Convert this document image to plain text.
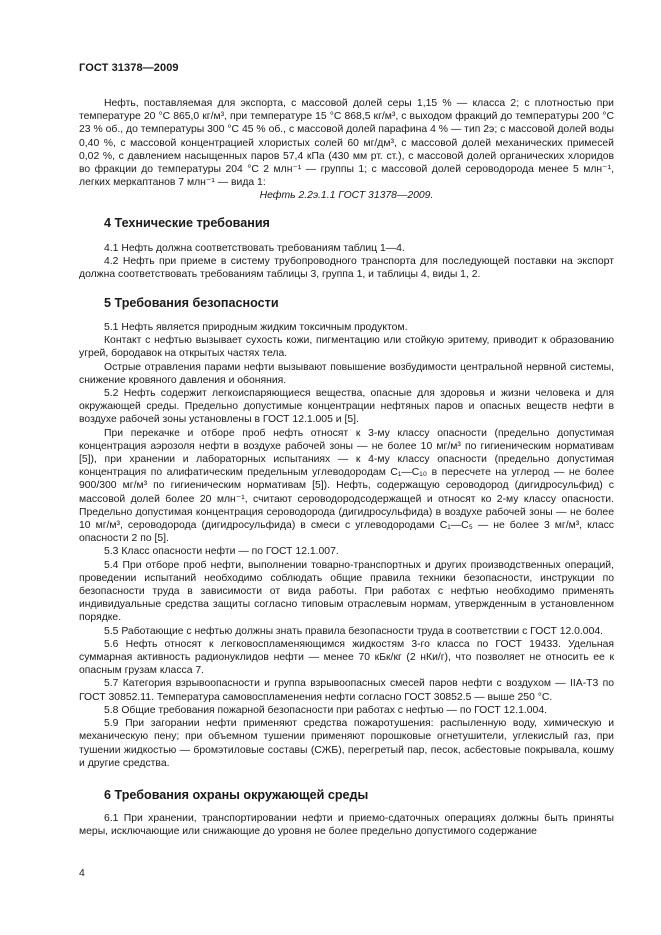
ГОСТ 31378—2009

Нефть, поставляемая для экспорта, с массовой долей серы 1,15 % — класса 2; с плотностью при температуре 20 °С 865,0 кг/м³, при температуре 15 °С 868,5 кг/м³, с выходом фракций до температуры 200 °С 23 % об., до температуры 300 °С 45 % об., с массовой долей парафина 4 % — тип 2э; с массовой долей воды 0,40 %, с массовой концентрацией хлористых солей 60 мг/дм³, с массовой долей механических примесей 0,02 %, с давлением насыщенных паров 57,4 кПа (430 мм рт. ст.), с массовой долей органических хлоридов во фракции до температуры 204 °С 2 млн⁻¹ — группы 1; с массовой долей сероводорода менее 5 млн⁻¹, легких меркаптанов 7 млн⁻¹ — вида 1:

Нефть 2.2э.1.1 ГОСТ 31378—2009.

4 Технические требования

4.1 Нефть должна соответствовать требованиям таблиц 1—4.

4.2 Нефть при приеме в систему трубопроводного транспорта для последующей поставки на экспорт должна соответствовать требованиям таблицы 3, группа 1, и таблицы 4, виды 1, 2.

5 Требования безопасности

5.1 Нефть является природным жидким токсичным продуктом.

Контакт с нефтью вызывает сухость кожи, пигментацию или стойкую эритему, приводит к образованию угрей, бородавок на открытых частях тела.

Острые отравления парами нефти вызывают повышение возбудимости центральной нервной системы, снижение кровяного давления и обоняния.

5.2 Нефть содержит легкоиспаряющиеся вещества, опасные для здоровья и жизни человека и для окружающей среды. Предельно допустимые концентрации нефтяных паров и опасных веществ нефти в воздухе рабочей зоны установлены в ГОСТ 12.1.005 и [5].

При перекачке и отборе проб нефть относят к 3-му классу опасности (предельно допустимая концентрация аэрозоля нефти в воздухе рабочей зоны — не более 10 мг/м³ по гигиеническим нормативам [5]), при хранении и лабораторных испытаниях — к 4-му классу опасности (предельно допустимая концентрация по алифатическим предельным углеводородам С₁—С₁₀ в пересчете на углерод — не более 900/300 мг/м³ по гигиеническим нормативам [5]). Нефть, содержащую сероводород (дигидросульфид) с массовой долей более 20 млн⁻¹, считают сероводородсодержащей и относят ко 2-му классу опасности. Предельно допустимая концентрация сероводорода (дигидросульфида) в воздухе рабочей зоны — не более 10 мг/м³, сероводорода (дигидросульфида) в смеси с углеводородами С₁—С₅ — не более 3 мг/м³, класс опасности 2 по [5].

5.3 Класс опасности нефти — по ГОСТ 12.1.007.

5.4 При отборе проб нефти, выполнении товарно-транспортных и других производственных операций, проведении испытаний необходимо соблюдать общие правила техники безопасности, инструкции по безопасности труда в зависимости от вида работы. При работах с нефтью необходимо применять индивидуальные средства защиты согласно типовым отраслевым нормам, утвержденным в установленном порядке.

5.5 Работающие с нефтью должны знать правила безопасности труда в соответствии с ГОСТ 12.0.004.

5.6 Нефть относят к легковоспламеняющимся жидкостям 3-го класса по ГОСТ 19433. Удельная суммарная активность радионуклидов нефти — менее 70 кБк/кг (2 нКи/г), что позволяет не относить ее к опасным грузам класса 7.

5.7 Категория взрывоопасности и группа взрывоопасных смесей паров нефти с воздухом — IIA-Т3 по ГОСТ 30852.11. Температура самовоспламенения нефти согласно ГОСТ 30852.5 — выше 250 °С.

5.8 Общие требования пожарной безопасности при работах с нефтью — по ГОСТ 12.1.004.

5.9 При загорании нефти применяют средства пожаротушения: распыленную воду, химическую и механическую пену; при объемном тушении применяют порошковые огнетушители, углекислый газ, при тушении жидкостью — бромэтиловые составы (СЖБ), перегретый пар, песок, асбестовые покрывала, кошму и другие средства.

6 Требования охраны окружающей среды

6.1 При хранении, транспортировании нефти и приемо-сдаточных операциях должны быть приняты меры, исключающие или снижающие до уровня не более предельно допустимого содержание

4
